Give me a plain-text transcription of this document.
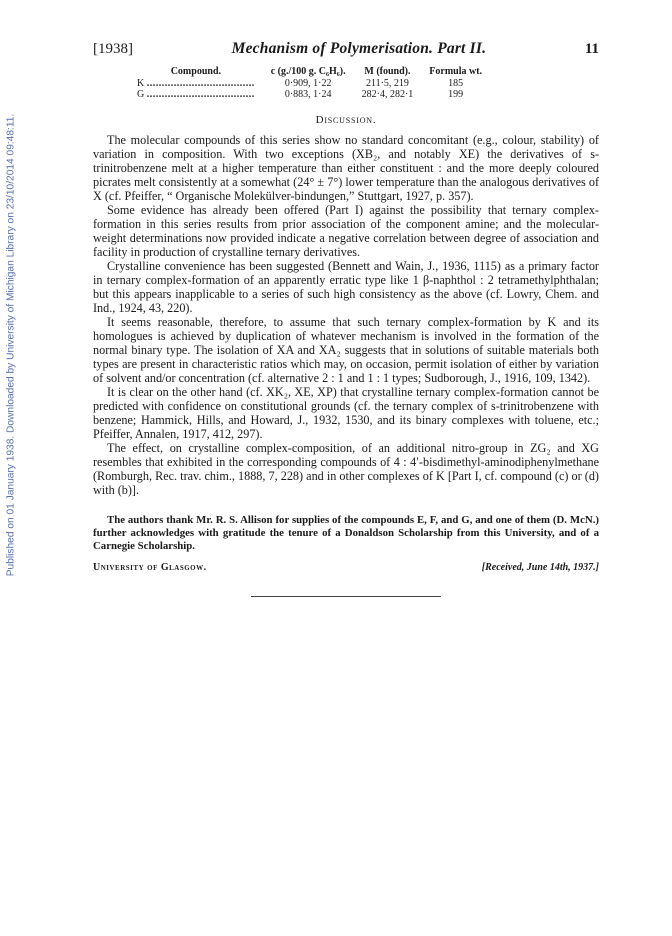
Published on 01 January 1938. Downloaded by University of Michigan Library on 23/10/2014 09:48:11.
[1938]	Mechanism of Polymerisation. Part II.	11
Compound.	c (g./100 g. C₆H₆).	M (found).	Formula wt.
K ....................................	0·909, 1·22	211·5, 219	185
G ....................................	0·883, 1·24	282·4, 282·1	199
Discussion.

The molecular compounds of this series show no standard concomitant (e.g., colour, stability) of variation in composition. With two exceptions (XB₂, and notably XE) the derivatives of s-trinitrobenzene melt at a higher temperature than either constituent : and the more deeply coloured picrates melt consistently at a somewhat (24° ± 7°) lower temperature than the analogous derivatives of X (cf. Pfeiffer, “ Organische Molekülver-bindungen,” Stuttgart, 1927, p. 357).

Some evidence has already been offered (Part I) against the possibility that ternary complex-formation in this series results from prior association of the component amine; and the molecular-weight determinations now provided indicate a negative correlation between degree of association and facility in production of crystalline ternary derivatives.

Crystalline convenience has been suggested (Bennett and Wain, J., 1936, 1115) as a primary factor in ternary complex-formation of an apparently erratic type like 1 β-naphthol : 2 tetramethylphthalan; but this appears inapplicable to a series of such high consistency as the above (cf. Lowry, Chem. and Ind., 1924, 43, 220).

It seems reasonable, therefore, to assume that such ternary complex-formation by K and its homologues is achieved by duplication of whatever mechanism is involved in the formation of the normal binary type. The isolation of XA and XA₂ suggests that in solutions of suitable materials both types are present in characteristic ratios which may, on occasion, permit isolation of either by variation of solvent and/or concentration (cf. alternative 2 : 1 and 1 : 1 types; Sudborough, J., 1916, 109, 1342).

It is clear on the other hand (cf. XK₂, XE, XP) that crystalline ternary complex-formation cannot be predicted with confidence on constitutional grounds (cf. the ternary complex of s-trinitrobenzene with benzene; Hammick, Hills, and Howard, J., 1932, 1530, and its binary complexes with toluene, etc.; Pfeiffer, Annalen, 1917, 412, 297).

The effect, on crystalline complex-composition, of an additional nitro-group in ZG₂ and XG resembles that exhibited in the corresponding compounds of 4 : 4′-bisdimethyl-aminodiphenylmethane (Romburgh, Rec. trav. chim., 1888, 7, 228) and in other complexes of K [Part I, cf. compound (c) or (d) with (b)].

The authors thank Mr. R. S. Allison for supplies of the compounds E, F, and G, and one of them (D. McN.) further acknowledges with gratitude the tenure of a Donaldson Scholarship from this University, and of a Carnegie Scholarship.

University of Glasgow.	[Received, June 14th, 1937.]
